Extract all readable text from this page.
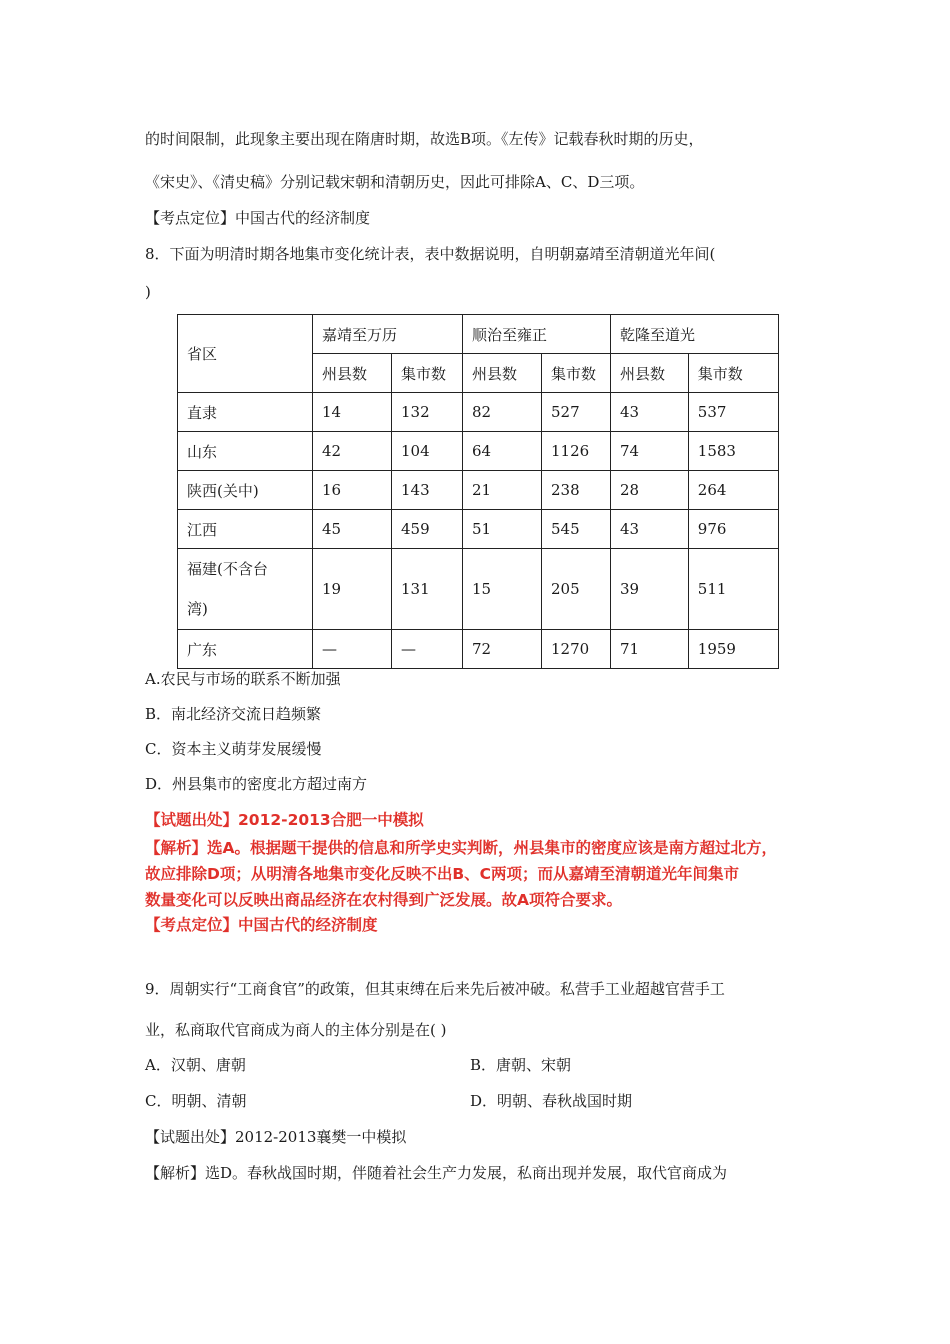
的时间限制，此现象主要出现在隋唐时期，故选B项。《左传》记载春秋时期的历史，
《宋史》、《清史稿》分别记载宋朝和清朝历史，因此可排除A、C、D三项。
【考点定位】中国古代的经济制度
8．下面为明清时期各地集市变化统计表，表中数据说明，自明朝嘉靖至清朝道光年间(
)
省区	嘉靖至万历		顺治至雍正		乾隆至道光	
	州县数	集市数	州县数	集市数	州县数	集市数
直隶	14	132	82	527	43	537
山东	42	104	64	1126	74	1583
陕西(关中)	16	143	21	238	28	264
江西	45	459	51	545	43	976
福建(不含台
湾)	19	131	15	205	39	511
广东	—	—	72	1270	71	1959
A.农民与市场的联系不断加强
B．南北经济交流日趋频繁
C．资本主义萌芽发展缓慢
D．州县集市的密度北方超过南方
【试题出处】2012-2013合肥一中模拟
【解析】选A。根据题干提供的信息和所学史实判断，州县集市的密度应该是南方超过北方，
故应排除D项；从明清各地集市变化反映不出B、C两项；而从嘉靖至清朝道光年间集市
数量变化可以反映出商品经济在农村得到广泛发展。故A项符合要求。
【考点定位】中国古代的经济制度
9．周朝实行“工商食官”的政策，但其束缚在后来先后被冲破。私营手工业超越官营手工
业，私商取代官商成为商人的主体分别是在( )
A．汉朝、唐朝	B．唐朝、宋朝
C．明朝、清朝	D．明朝、春秋战国时期
【试题出处】2012-2013襄樊一中模拟
【解析】选D。春秋战国时期，伴随着社会生产力发展，私商出现并发展，取代官商成为
